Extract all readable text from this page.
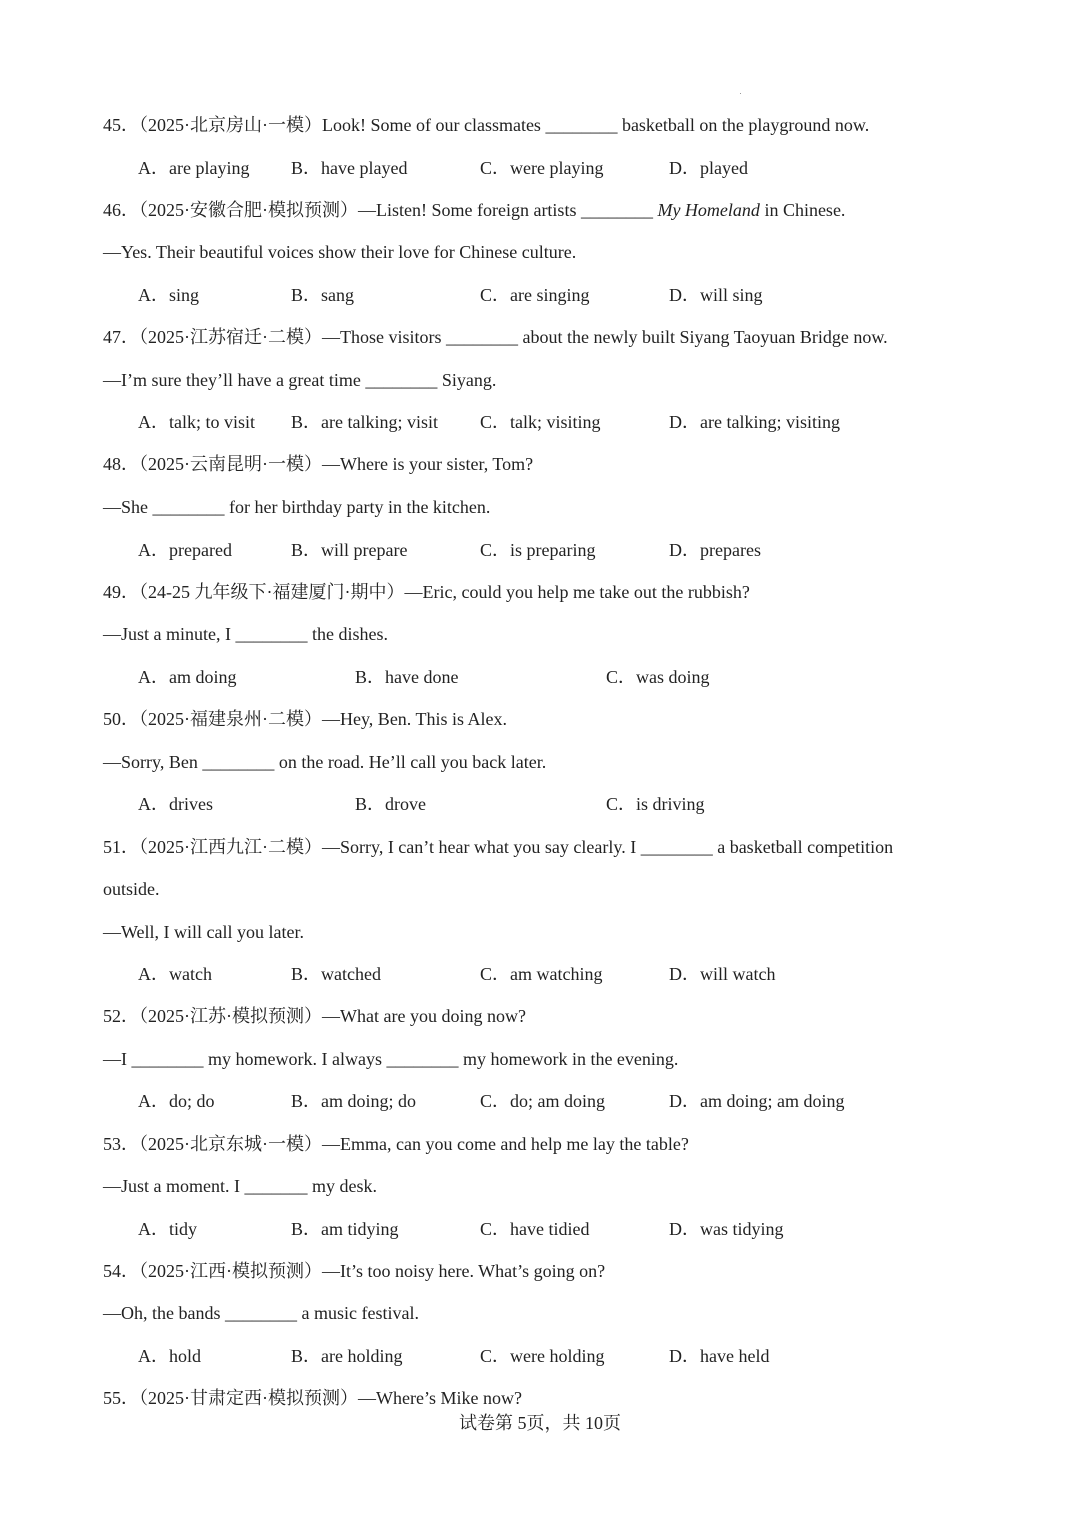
45．（2025·北京房山·一模）Look! Some of our classmates ________ basketball on the playground now.
A．are playing B．have played	C．were playing	D．played
46．（2025·安徽合肥·模拟预测）—Listen! Some foreign artists ________ My Homeland in Chinese.
—Yes. Their beautiful voices show their love for Chinese culture.
A．sing	B．sang	C．are singing	D．will sing
47．（2025·江苏宿迁·二模）—Those visitors ________ about the newly built Siyang Taoyuan Bridge now.
—I’m sure they’ll have a great time ________ Siyang.
A．talk; to visit B．are talking; visit C．talk; visiting	D．are talking; visiting
48．（2025·云南昆明·一模）—Where is your sister, Tom?
—She ________ for her birthday party in the kitchen.
A．prepared	B．will prepare	C．is preparing	D．prepares
49．（24-25 九年级下·福建厦门·期中）—Eric, could you help me take out the rubbish?
—Just a minute, I ________ the dishes.
A．am doing	B．have done	C．was doing
50．（2025·福建泉州·二模）—Hey, Ben. This is Alex.
—Sorry, Ben ________ on the road. He’ll call you back later.
A．drives	B．drove	C．is driving
51．（2025·江西九江·二模）—Sorry, I can’t hear what you say clearly. I ________ a basketball competition
outside.
—Well, I will call you later.
A．watch	B．watched	C．am watching	D．will watch
52．（2025·江苏·模拟预测）—What are you doing now?
—I ________ my homework. I always ________ my homework in the evening.
A．do; do	B．am doing; do	C．do; am doing	D．am doing; am doing
53．（2025·北京东城·一模）—Emma, can you come and help me lay the table?
—Just a moment. I _______ my desk.
A．tidy	B．am tidying	C．have tidied	D．was tidying
54．（2025·江西·模拟预测）—It’s too noisy here. What’s going on?
—Oh, the bands ________ a music festival.
A．hold	B．are holding	C．were holding	D．have held
55．（2025·甘肃定西·模拟预测）—Where’s Mike now?
试卷第 5页，共 10页
